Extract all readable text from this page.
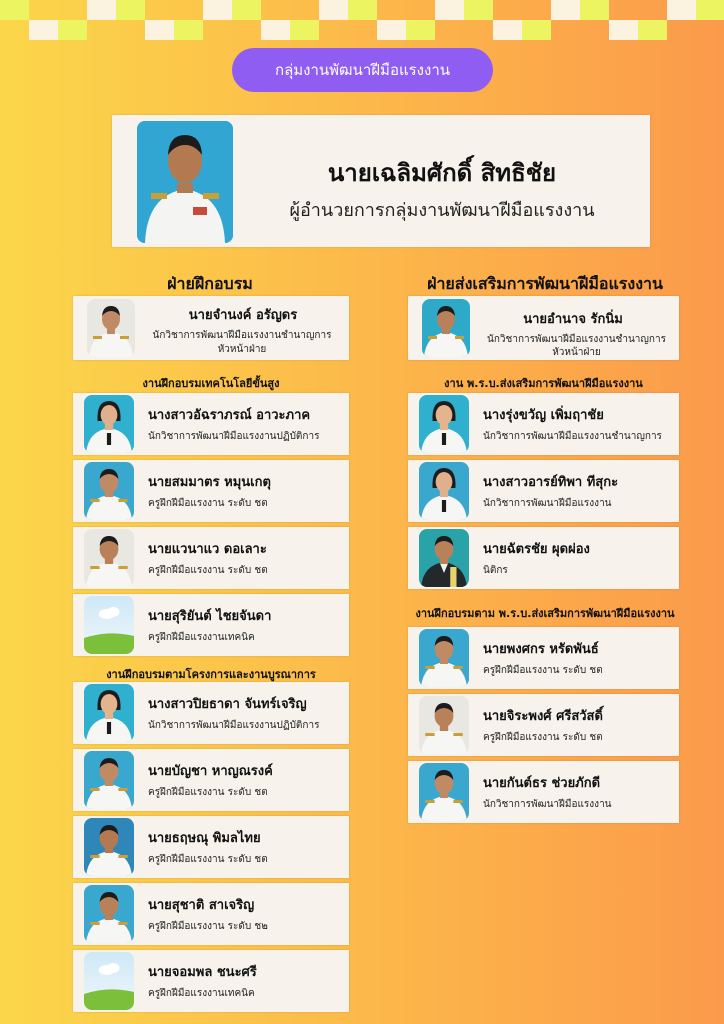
กลุ่มงานพัฒนาฝีมือแรงงาน
นายเฉลิมศักดิ์ สิทธิชัย
ผู้อำนวยการกลุ่มงานพัฒนาฝีมือแรงงาน
ฝ่ายฝึกอบรม	ฝ่ายส่งเสริมการพัฒนาฝีมือแรงงาน
นายจำนงค์ อรัญดร
นักวิชาการพัฒนาฝีมือแรงงานชำนาญการ
หัวหน้าฝ่าย
นายอำนาจ รักนิ่ม
นักวิชาการพัฒนาฝีมือแรงงานชำนาญการ
หัวหน้าฝ่าย
งานฝึกอบรมเทคโนโลยีขั้นสูง
งานฝึกอบรมตามโครงการและงานบูรณาการ
งาน พ.ร.บ.ส่งเสริมการพัฒนาฝีมือแรงงาน
งานฝึกอบรมตาม พ.ร.บ.ส่งเสริมการพัฒนาฝีมือแรงงาน
นางสาวอัฉราภรณ์ อาวะภาค
นักวิชาการพัฒนาฝีมือแรงงานปฏิบัติการ
นายสมมาตร หมุนเกตุ
ครูฝึกฝีมือแรงงาน ระดับ ชต
นายแวนาแว ดอเลาะ
ครูฝึกฝีมือแรงงาน ระดับ ชต
นายสุริยันต์ ไชยจันดา
ครูฝึกฝีมือแรงงานเทคนิค
นางสาวปิยธาดา จันทร์เจริญ
นักวิชาการพัฒนาฝีมือแรงงานปฏิบัติการ
นายบัญชา หาญณรงค์
ครูฝึกฝีมือแรงงาน ระดับ ชต
นายธฤษณุ พิมลไทย
ครูฝึกฝีมือแรงงาน ระดับ ชต
นายสุชาติ สาเจริญ
ครูฝึกฝีมือแรงงาน ระดับ ช๒
นายจอมพล ชนะศรี
ครูฝึกฝีมือแรงงานเทคนิค
นางรุ่งขวัญ เพิ่มฤาชัย
นักวิชาการพัฒนาฝีมือแรงงานชำนาญการ
นางสาวอารย์ทิพา ทีสุกะ
นักวิชาการพัฒนาฝีมือแรงงาน
นายฉัตรชัย ผุดผ่อง
นิติกร
นายพงศกร หรัดพันธ์
ครูฝึกฝีมือแรงงาน ระดับ ชต
นายจิระพงศ์ ศรีสวัสดิ์
ครูฝึกฝีมือแรงงาน ระดับ ชต
นายกันต์ธร ช่วยภักดี
นักวิชาการพัฒนาฝีมือแรงงาน
